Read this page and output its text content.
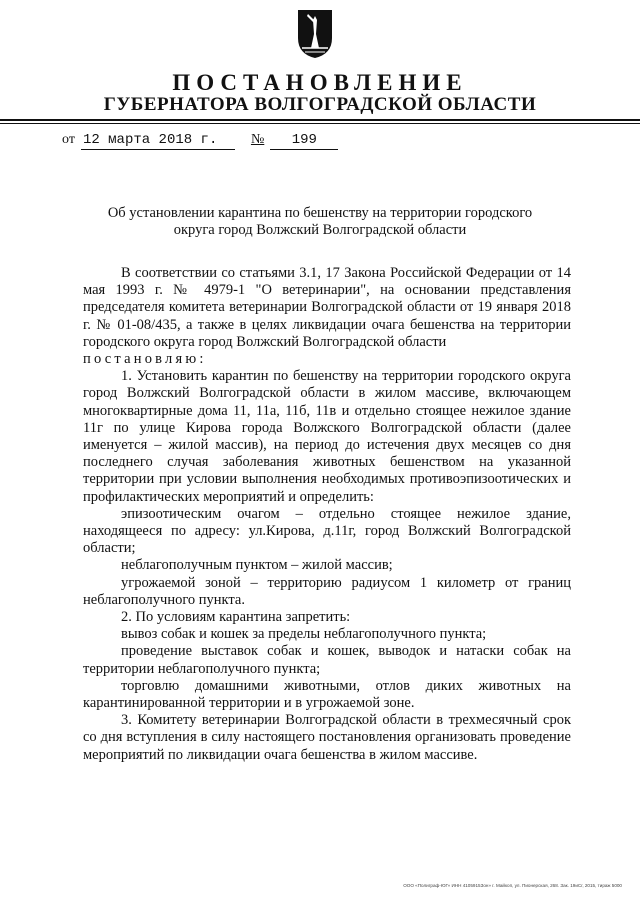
ПОСТАНОВЛЕНИЕ
ГУБЕРНАТОРА ВОЛГОГРАДСКОЙ ОБЛАСТИ
от 12 марта 2018 г.	№	199

Об установлении карантина по бешенству на территории городского
округа город Волжский Волгоградской области

В соответствии со статьями 3.1, 17 Закона Российской Федерации от 14 мая 1993 г. № 4979-1 "О ветеринарии", на основании представления председателя комитета ветеринарии Волгоградской области от 19 января 2018 г. № 01-08/435, а также в целях ликвидации очага бешенства на территории городского округа город Волжский Волгоградской области

постановляю:

1. Установить карантин по бешенству на территории городского округа город Волжский Волгоградской области в жилом массиве, включающем многоквартирные дома 11, 11а, 11б, 11в и отдельно стоящее нежилое здание 11г по улице Кирова города Волжского Волгоградской области (далее именуется – жилой массив), на период до истечения двух месяцев со дня последнего случая заболевания животных бешенством на указанной территории при условии выполнения необходимых противоэпизоотических и профилактических мероприятий и определить:

эпизоотическим очагом – отдельно стоящее нежилое здание, находящееся по адресу: ул.Кирова, д.11г, город Волжский Волгоградской области;

неблагополучным пунктом – жилой массив;

угрожаемой зоной – территорию радиусом 1 километр от границ неблагополучного пункта.

2. По условиям карантина запретить:

вывоз собак и кошек за пределы неблагополучного пункта;

проведение выставок собак и кошек, выводок и натаски собак на территории неблагополучного пункта;

торговлю домашними животными, отлов диких животных на карантинированной территории и в угрожаемой зоне.

3. Комитету ветеринарии Волгоградской области в трехмесячный срок со дня вступления в силу настоящего постановления организовать проведение мероприятий по ликвидации очага бешенства в жилом массиве.

ООО «Полиграф-ЮГ» ИНН 4105915Зон» г. Майкоп, ул. Пионерская, 268. Зак. 19иСг, 2015, тираж 5000
